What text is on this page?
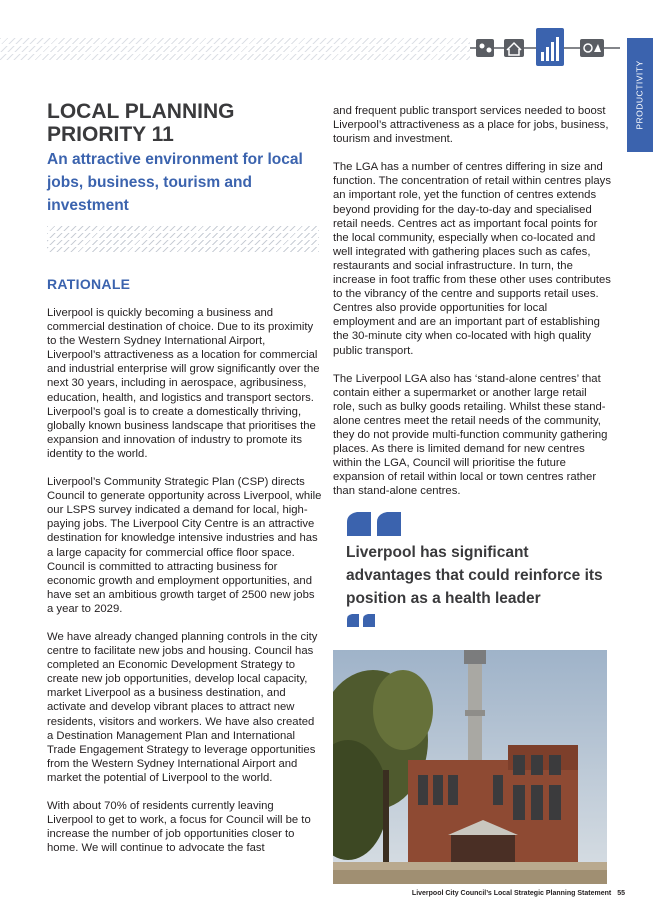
PRODUCTIVITY
LOCAL PLANNING
PRIORITY 11
An attractive environment for local jobs, business, tourism and investment
RATIONALE

Liverpool is quickly becoming a business and commercial destination of choice. Due to its proximity to the Western Sydney International Airport, Liverpool’s attractiveness as a location for commercial and industrial enterprise will grow significantly over the next 30 years, including in aerospace, agribusiness, education, health, and logistics and transport sectors. Liverpool’s goal is to create a domestically thriving, globally known business landscape that prioritises the expansion and innovation of industry to promote its identity to the world.

Liverpool’s Community Strategic Plan (CSP) directs Council to generate opportunity across Liverpool, while our LSPS survey indicated a demand for local, high-paying jobs. The Liverpool City Centre is an attractive destination for knowledge intensive industries and has a large capacity for commercial office floor space. Council is committed to attracting business for economic growth and employment opportunities, and have set an ambitious growth target of 2500 new jobs a year to 2029.

We have already changed planning controls in the city centre to facilitate new jobs and housing. Council has completed an Economic Development Strategy to create new job opportunities, develop local capacity, market Liverpool as a business destination, and activate and develop vibrant places to attract new residents, visitors and workers. We have also created a Destination Management Plan and International Trade Engagement Strategy to leverage opportunities from the Western Sydney International Airport and market the potential of Liverpool to the world.

With about 70% of residents currently leaving Liverpool to get to work, a focus for Council will be to increase the number of job opportunities closer to home. We will continue to advocate the fast

and frequent public transport services needed to boost Liverpool’s attractiveness as a place for jobs, business, tourism and investment.

The LGA has a number of centres differing in size and function. The concentration of retail within centres plays an important role, yet the function of centres extends beyond providing for the day-to-day and specialised retail needs. Centres act as important focal points for the local community, especially when co-located and well integrated with gathering places such as cafes, restaurants and social infrastructure. In turn, the increase in foot traffic from these other uses contributes to the vibrancy of the centre and supports retail uses. Centres also provide opportunities for local employment and are an important part of establishing the 30-minute city when co-located with high quality public transport.

The Liverpool LGA also has ‘stand-alone centres’ that contain either a supermarket or another large retail role, such as bulky goods retailing. Whilst these stand-alone centres meet the retail needs of the community, they do not provide multi-function community gathering places. As there is limited demand for new centres within the LGA, Council will prioritise the future expansion of retail within local or town centres rather than stand-alone centres.

Liverpool has significant advantages that could reinforce its position as a health leader

Liverpool City Council’s Local Strategic Planning Statement 55
